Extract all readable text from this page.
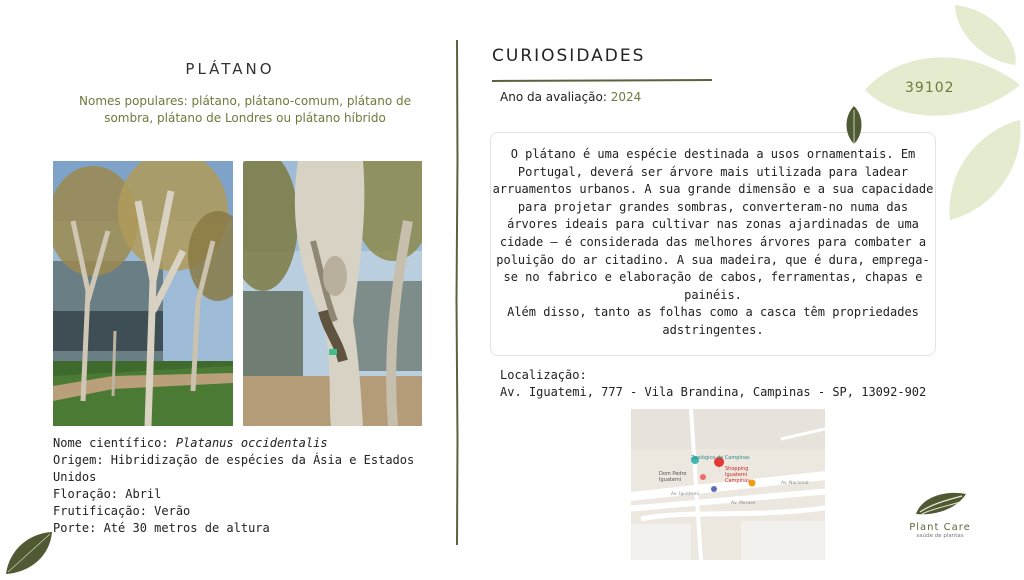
PLÁTANO
Nomes populares: plátano, plátano-comum, plátano de sombra, plátano de Londres ou plátano híbrido
Nome científico: Platanus occidentalis
Origem: Hibridização de espécies da Ásia e Estados Unidos
Floração: Abril
Frutificação: Verão
Porte: Até 30 metros de altura
CURIOSIDADES
Ano da avaliação: 2024
O plátano é uma espécie destinada a usos ornamentais. Em Portugal, deverá ser árvore mais utilizada para ladear arruamentos urbanos. A sua grande dimensão e a sua capacidade para projetar grandes sombras, converteram-no numa das árvores ideais para cultivar nas zonas ajardinadas de uma cidade – é considerada das melhores árvores para combater a poluição do ar citadino. A sua madeira, que é dura, emprega-se no fabrico e elaboração de cabos, ferramentas, chapas e painéis.
Além disso, tanto as folhas como a casca têm propriedades adstringentes.
Localização:
Av. Iguatemi, 777 - Vila Brandina, Campinas - SP, 13092-902
Zoológico de Campinas
Shopping Iguatemi Campinas
Dom Pedro Iguatemi
Av. Iguatemi
Av. Nacional
Av. Moraes
39102
Plant Care
saúde de plantas
